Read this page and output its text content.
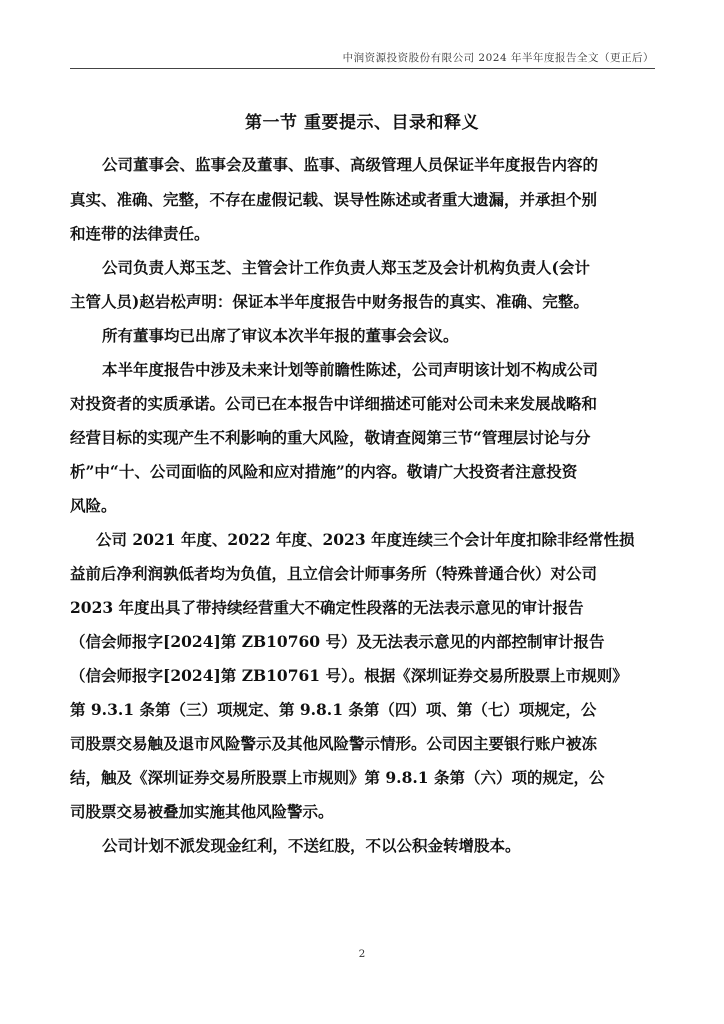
中润资源投资股份有限公司 2024 年半年度报告全文（更正后）
第一节 重要提示、目录和释义
公司董事会、监事会及董事、监事、高级管理人员保证半年度报告内容的
真实、准确、完整，不存在虚假记载、误导性陈述或者重大遗漏，并承担个别
和连带的法律责任。
公司负责人郑玉芝、主管会计工作负责人郑玉芝及会计机构负责人(会计
主管人员)赵岩松声明：保证本半年度报告中财务报告的真实、准确、完整。
所有董事均已出席了审议本次半年报的董事会会议。
本半年度报告中涉及未来计划等前瞻性陈述，公司声明该计划不构成公司
对投资者的实质承诺。公司已在本报告中详细描述可能对公司未来发展战略和
经营目标的实现产生不利影响的重大风险，敬请查阅第三节“管理层讨论与分
析”中“十、公司面临的风险和应对措施”的内容。敬请广大投资者注意投资
风险。
公司 2021 年度、2022 年度、2023 年度连续三个会计年度扣除非经常性损
益前后净利润孰低者均为负值，且立信会计师事务所（特殊普通合伙）对公司
2023 年度出具了带持续经营重大不确定性段落的无法表示意见的审计报告
（信会师报字[2024]第 ZB10760 号）及无法表示意见的内部控制审计报告
（信会师报字[2024]第 ZB10761 号）。根据《深圳证券交易所股票上市规则》
第 9.3.1 条第（三）项规定、第 9.8.1 条第（四）项、第（七）项规定，公
司股票交易触及退市风险警示及其他风险警示情形。公司因主要银行账户被冻
结，触及《深圳证券交易所股票上市规则》第 9.8.1 条第（六）项的规定，公
司股票交易被叠加实施其他风险警示。
公司计划不派发现金红利，不送红股，不以公积金转增股本。
2
